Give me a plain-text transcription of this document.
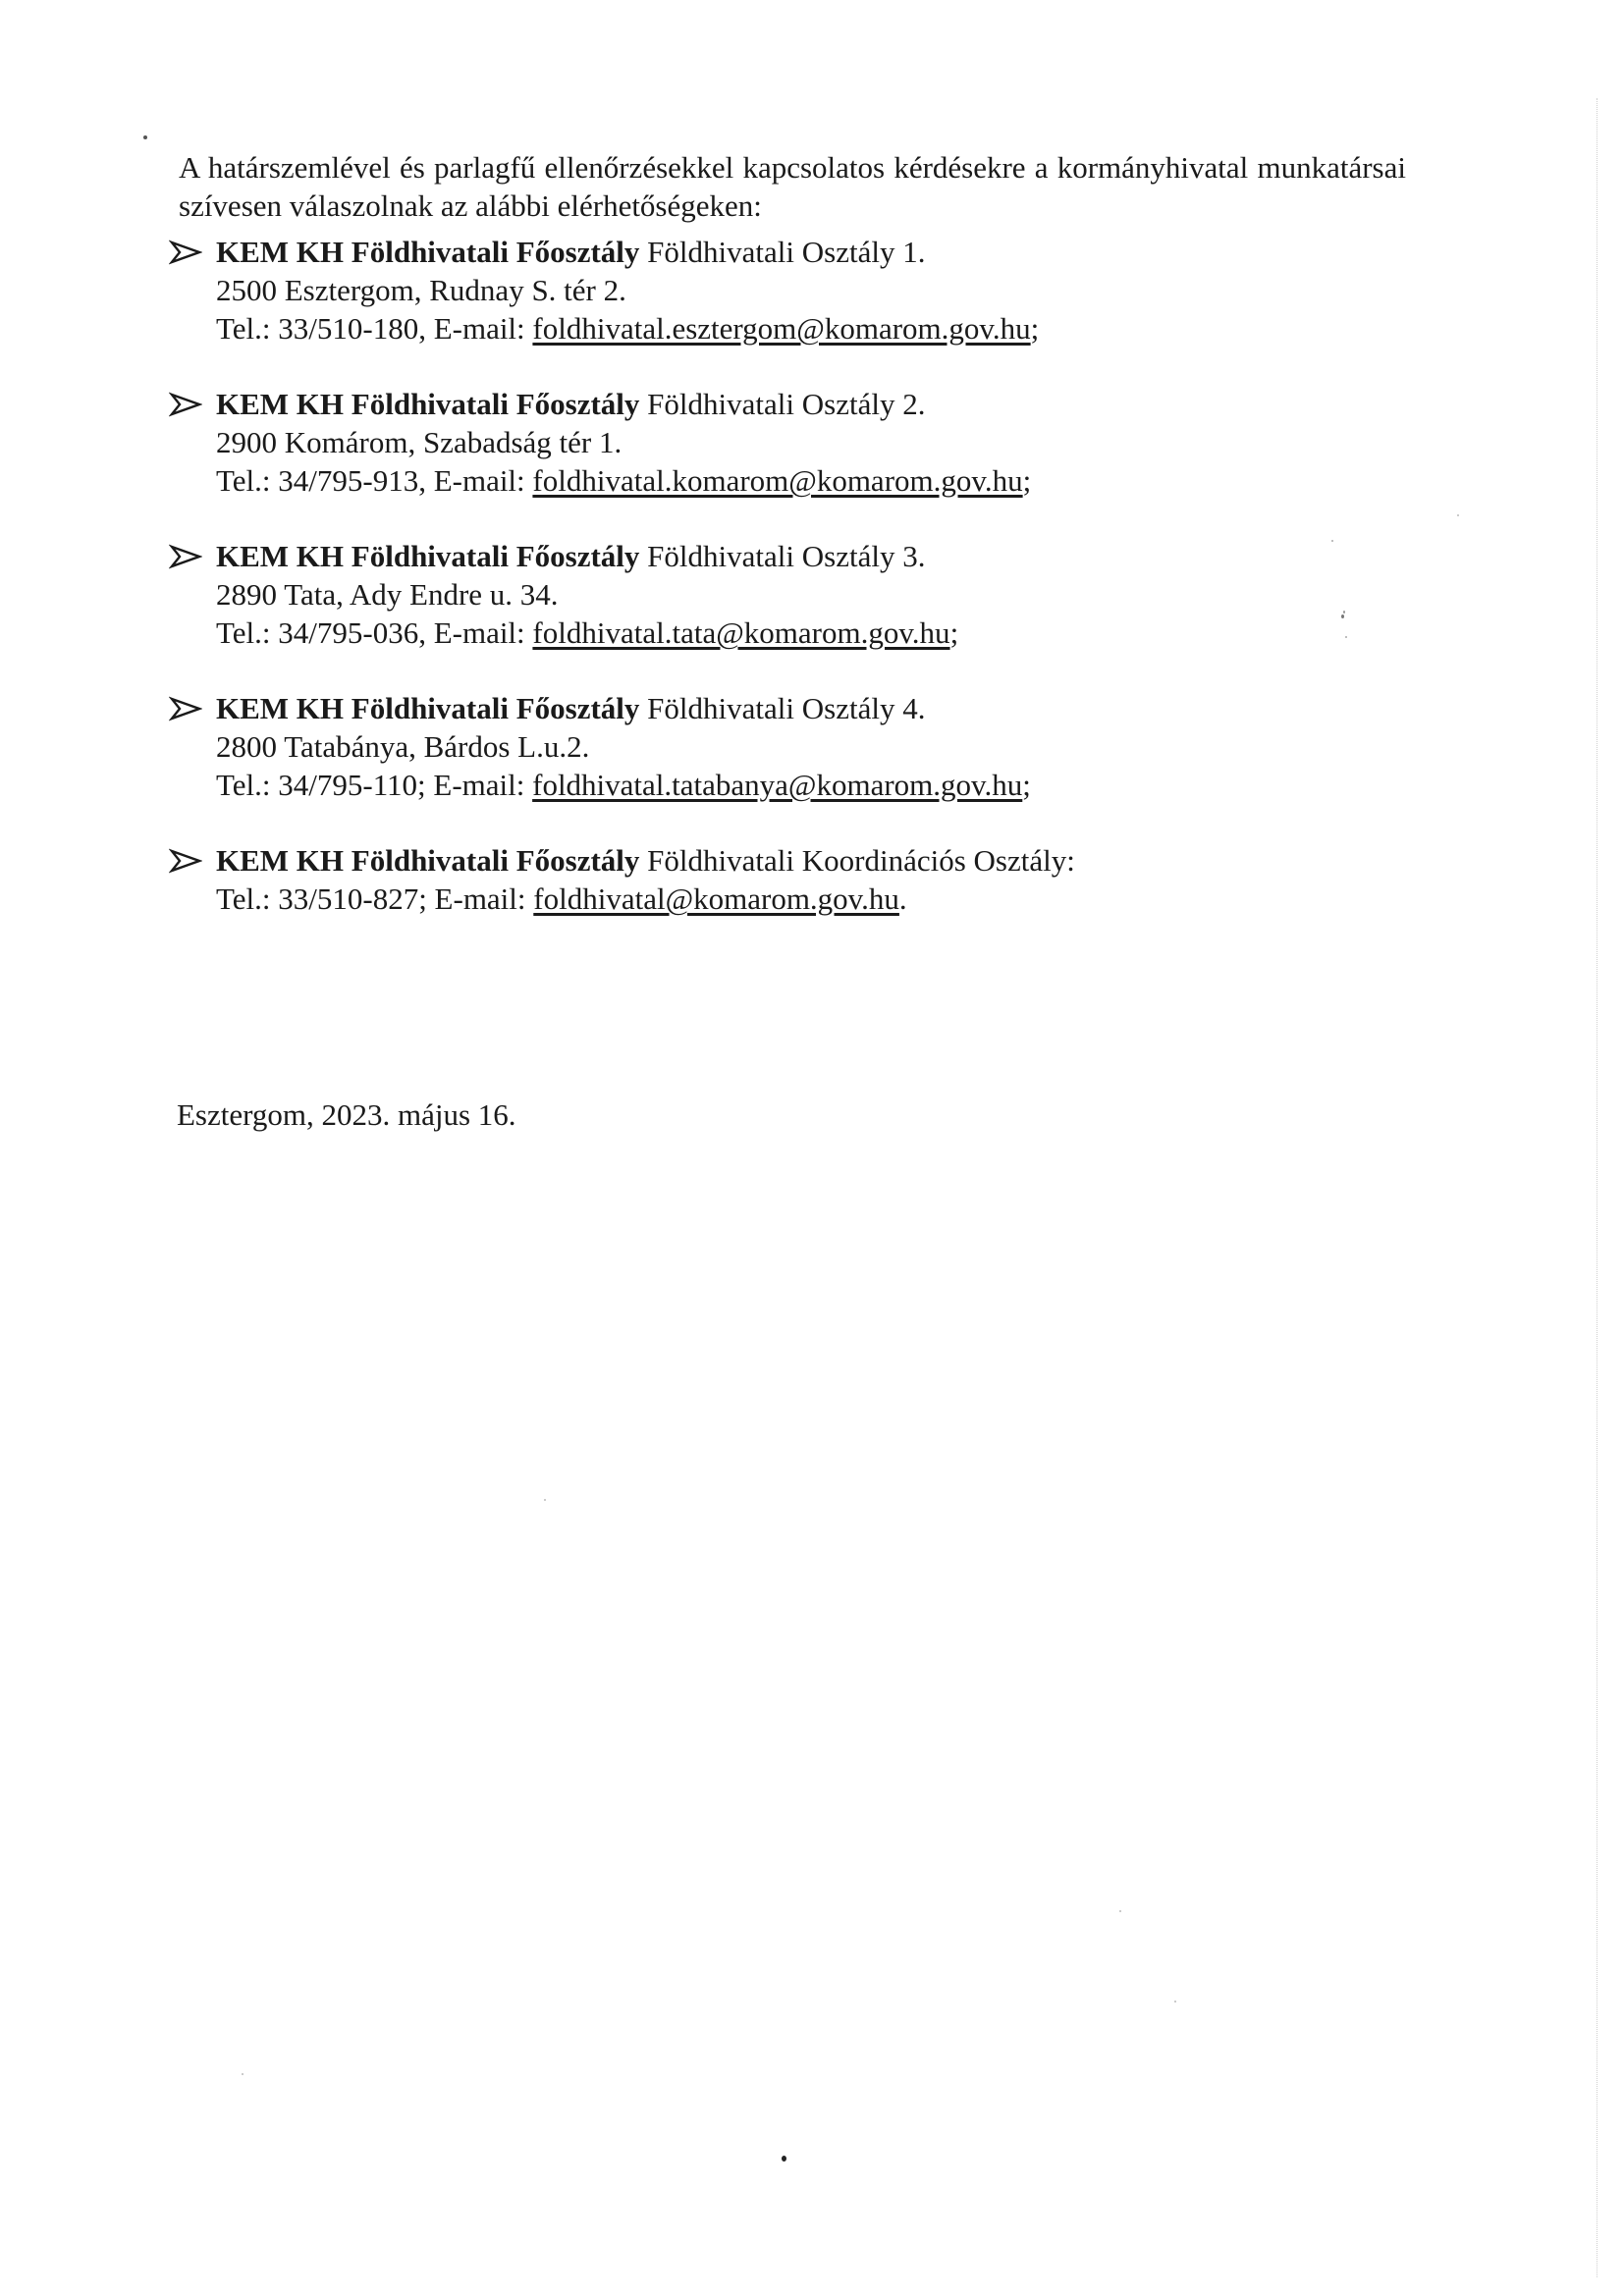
A határszemlével és parlagfű ellenőrzésekkel kapcsolatos kérdésekre a kormányhivatal munkatársai szívesen válaszolnak az alábbi elérhetőségeken:

KEM KH Földhivatali Főosztály Földhivatali Osztály 1.
2500 Esztergom, Rudnay S. tér 2.
Tel.: 33/510-180, E-mail: foldhivatal.esztergom@komarom.gov.hu;
KEM KH Földhivatali Főosztály Földhivatali Osztály 2.
2900 Komárom, Szabadság tér 1.
Tel.: 34/795-913, E-mail: foldhivatal.komarom@komarom.gov.hu;
KEM KH Földhivatali Főosztály Földhivatali Osztály 3.
2890 Tata, Ady Endre u. 34.
Tel.: 34/795-036, E-mail: foldhivatal.tata@komarom.gov.hu;
KEM KH Földhivatali Főosztály Földhivatali Osztály 4.
2800 Tatabánya, Bárdos L.u.2.
Tel.: 34/795-110; E-mail: foldhivatal.tatabanya@komarom.gov.hu;
KEM KH Földhivatali Főosztály Földhivatali Koordinációs Osztály:
Tel.: 33/510-827; E-mail: foldhivatal@komarom.gov.hu.

Esztergom, 2023. május 16.
